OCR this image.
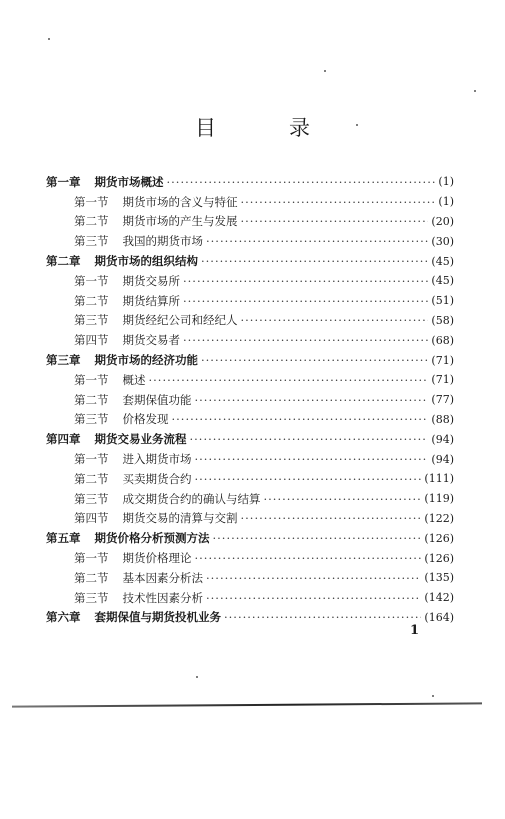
目　录
第一章 期货市场概述 ·····	(1)
第一节 期货市场的含义与特征 ·····	(1)
第二节 期货市场的产生与发展 ·····	(20)
第三节 我国的期货市场 ·····	(30)
第二章 期货市场的组织结构 ·····	(45)
第一节 期货交易所 ·····	(45)
第二节 期货结算所 ·····	(51)
第三节 期货经纪公司和经纪人 ·····	(58)
第四节 期货交易者 ·····	(68)
第三章 期货市场的经济功能 ·····	(71)
第一节 概述 ·····	(71)
第二节 套期保值功能 ·····	(77)
第三节 价格发现 ·····	(88)
第四章 期货交易业务流程 ·····	(94)
第一节 进入期货市场 ·····	(94)
第二节 买卖期货合约 ·····	(111)
第三节 成交期货合约的确认与结算 ·····	(119)
第四节 期货交易的清算与交割 ·····	(122)
第五章 期货价格分析预测方法 ·····	(126)
第一节 期货价格理论 ·····	(126)
第二节 基本因素分析法 ·····	(135)
第三节 技术性因素分析 ·····	(142)
第六章 套期保值与期货投机业务 ·····	(164)
1
